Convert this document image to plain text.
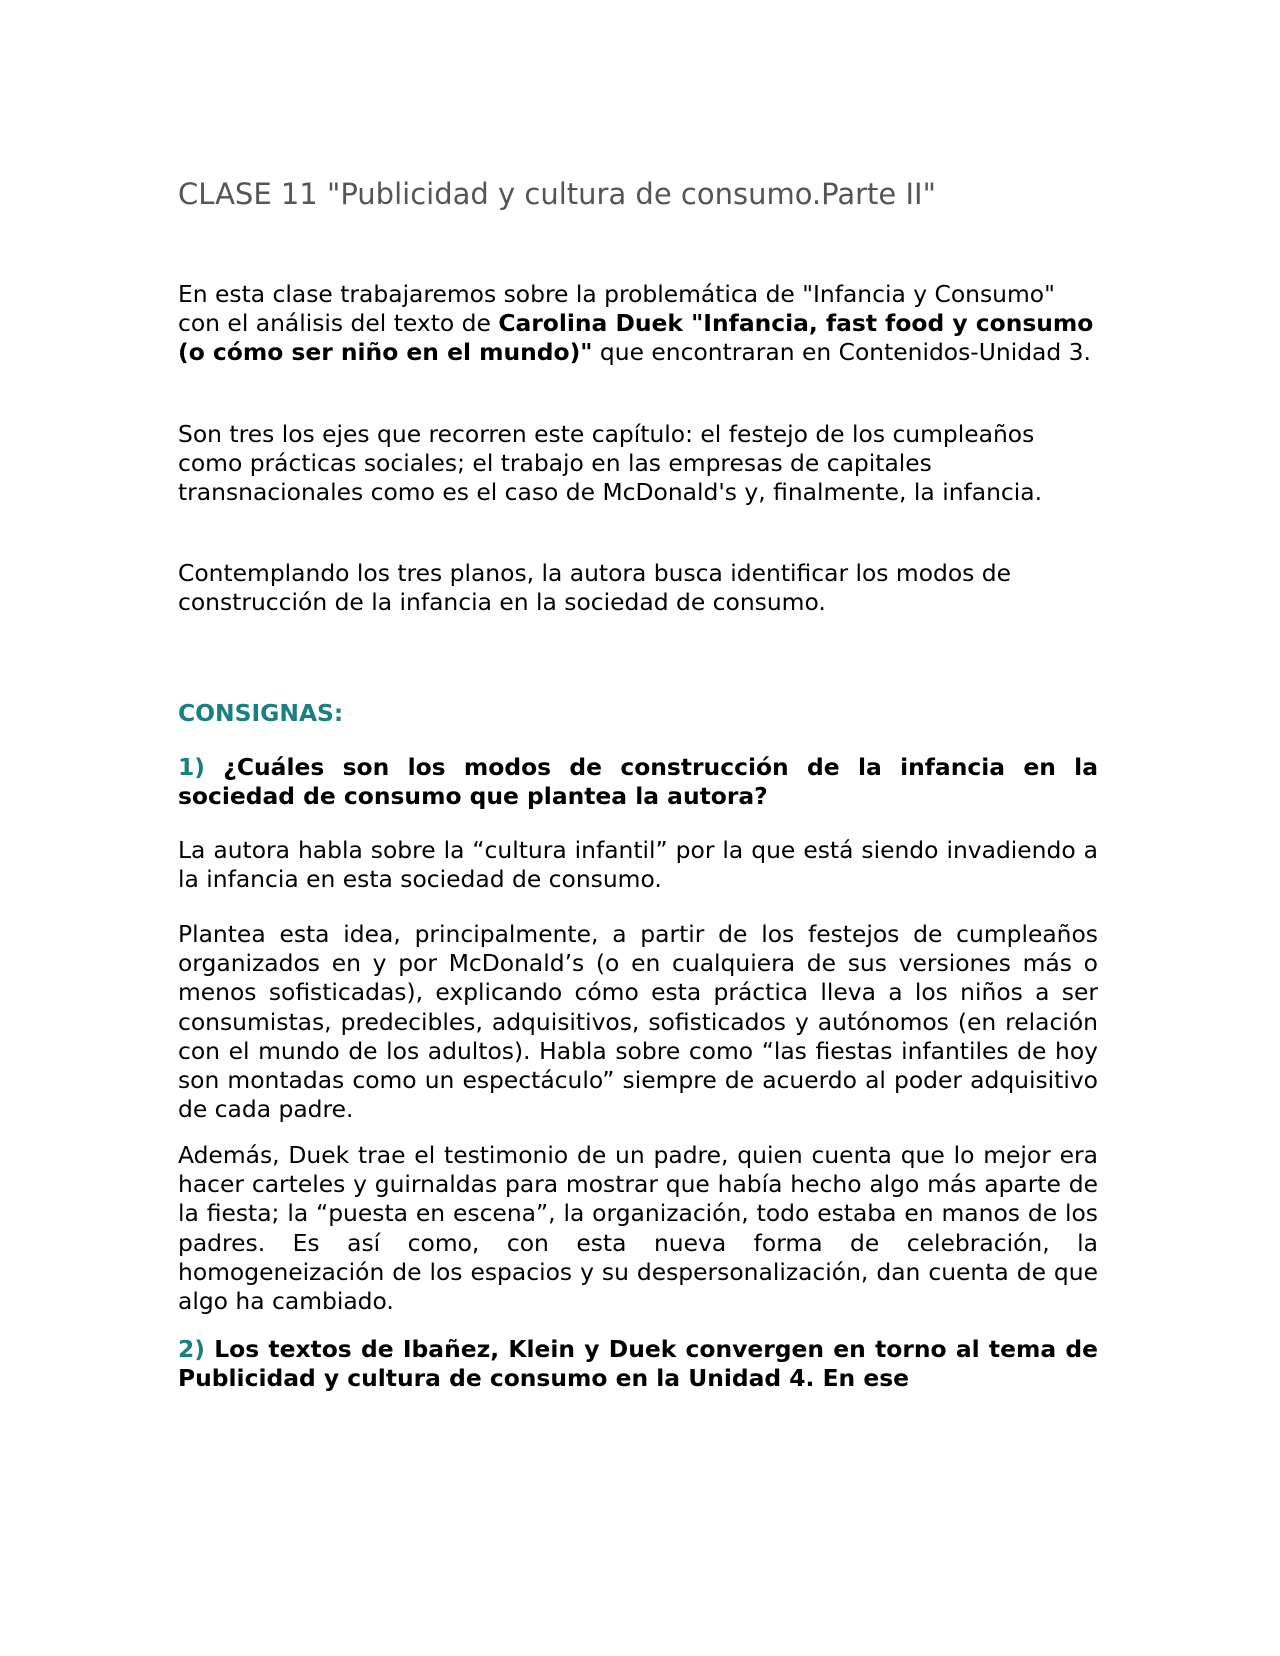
CLASE 11 "Publicidad y cultura de consumo.Parte II"

En esta clase trabajaremos sobre la problemática de "Infancia y Consumo" con el análisis del texto de Carolina Duek "Infancia, fast food y consumo (o cómo ser niño en el mundo)" que encontraran en Contenidos-Unidad 3.

Son tres los ejes que recorren este capítulo: el festejo de los cumpleaños como prácticas sociales; el trabajo en las empresas de capitales transnacionales como es el caso de McDonald's y, finalmente, la infancia.

Contemplando los tres planos, la autora busca identificar los modos de construcción de la infancia en la sociedad de consumo.

CONSIGNAS:

1) ¿Cuáles son los modos de construcción de la infancia en la sociedad de consumo que plantea la autora?

La autora habla sobre la “cultura infantil” por la que está siendo invadiendo a la infancia en esta sociedad de consumo.

Plantea esta idea, principalmente, a partir de los festejos de cumpleaños organizados en y por McDonald’s (o en cualquiera de sus versiones más o menos sofisticadas), explicando cómo esta práctica lleva a los niños a ser consumistas, predecibles, adquisitivos, sofisticados y autónomos (en relación con el mundo de los adultos). Habla sobre como “las fiestas infantiles de hoy son montadas como un espectáculo” siempre de acuerdo al poder adquisitivo de cada padre.

Además, Duek trae el testimonio de un padre, quien cuenta que lo mejor era hacer carteles y guirnaldas para mostrar que había hecho algo más aparte de la fiesta; la “puesta en escena”, la organización, todo estaba en manos de los padres. Es así como, con esta nueva forma de celebración, la homogeneización de los espacios y su despersonalización, dan cuenta de que algo ha cambiado.

2) Los textos de Ibañez, Klein y Duek convergen en torno al tema de Publicidad y cultura de consumo en la Unidad 4. En ese
